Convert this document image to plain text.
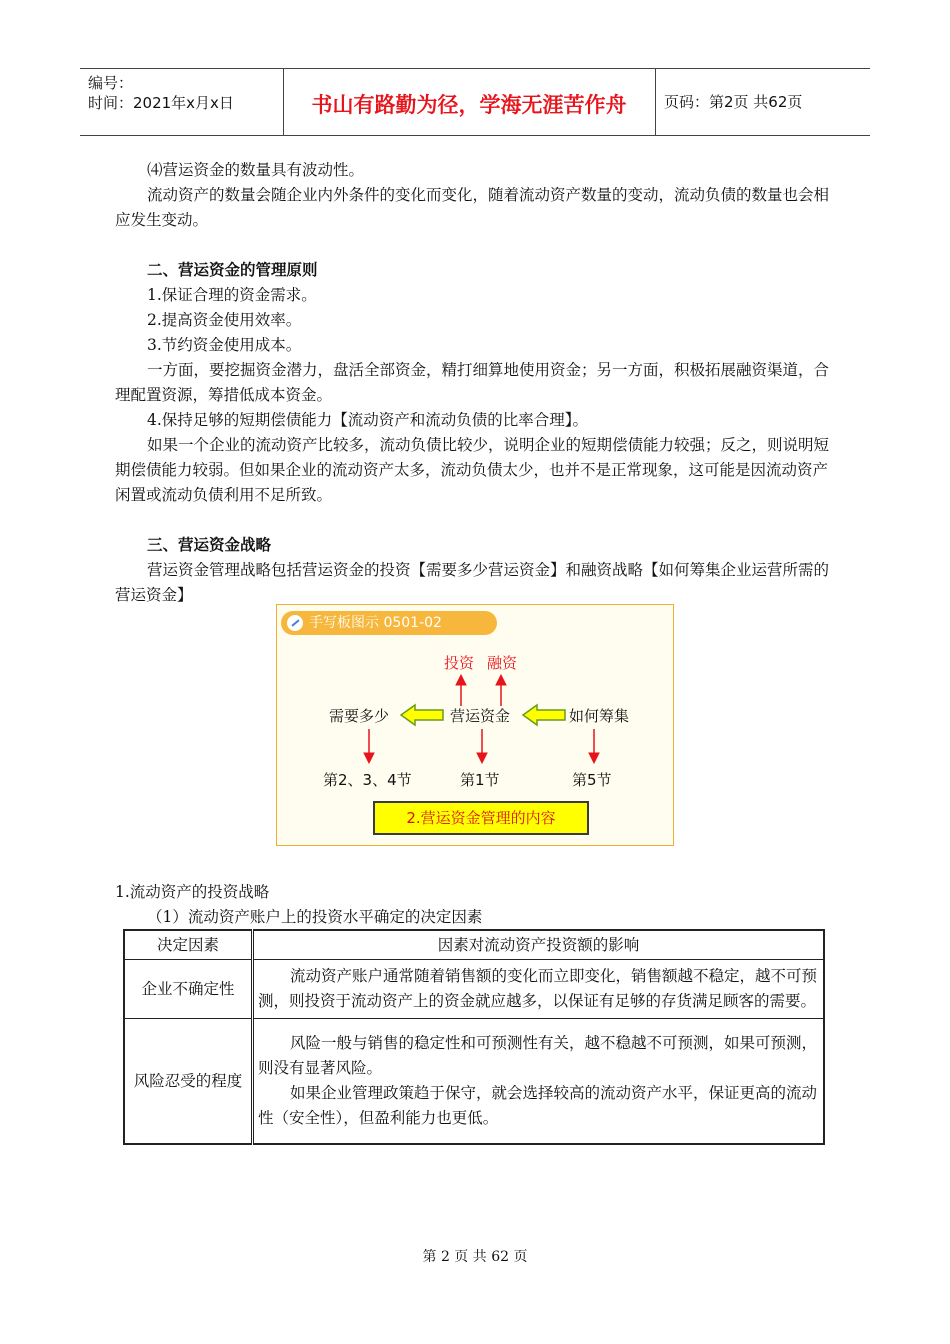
编号：
时间：2021年x月x日	书山有路勤为径，学海无涯苦作舟	页码：第2页 共62页
⑷营运资金的数量具有波动性。
流动资产的数量会随企业内外条件的变化而变化，随着流动资产数量的变动，流动负债的数量也会相应发生变动。
二、营运资金的管理原则
1.保证合理的资金需求。
2.提高资金使用效率。
3.节约资金使用成本。
一方面，要挖掘资金潜力，盘活全部资金，精打细算地使用资金；另一方面，积极拓展融资渠道，合理配置资源，筹措低成本资金。
4.保持足够的短期偿债能力【流动资产和流动负债的比率合理】。
如果一个企业的流动资产比较多，流动负债比较少，说明企业的短期偿债能力较强；反之，则说明短期偿债能力较弱。但如果企业的流动资产太多，流动负债太少，也并不是正常现象，这可能是因流动资产闲置或流动负债利用不足所致。
三、营运资金战略
营运资金管理战略包括营运资金的投资【需要多少营运资金】和融资战略【如何筹集企业运营所需的营运资金】
手写板图示 0501-02
投资 融资
需要多少	营运资金	如何筹集
第2、3、4节	第1节	第5节
2.营运资金管理的内容
1.流动资产的投资战略
（1）流动资产账户上的投资水平确定的决定因素
决定因素	因素对流动资产投资额的影响
企业不确定性	流动资产账户通常随着销售额的变化而立即变化，销售额越不稳定，越不可预测，则投资于流动资产上的资金就应越多，以保证有足够的存货满足顾客的需要。

风险忍受的程度	风险一般与销售的稳定性和可预测性有关，越不稳越不可预测，如果可预测，则没有显著风险。
如果企业管理政策趋于保守，就会选择较高的流动资产水平，保证更高的流动性（安全性），但盈利能力也更低。
第 2 页 共 62 页
